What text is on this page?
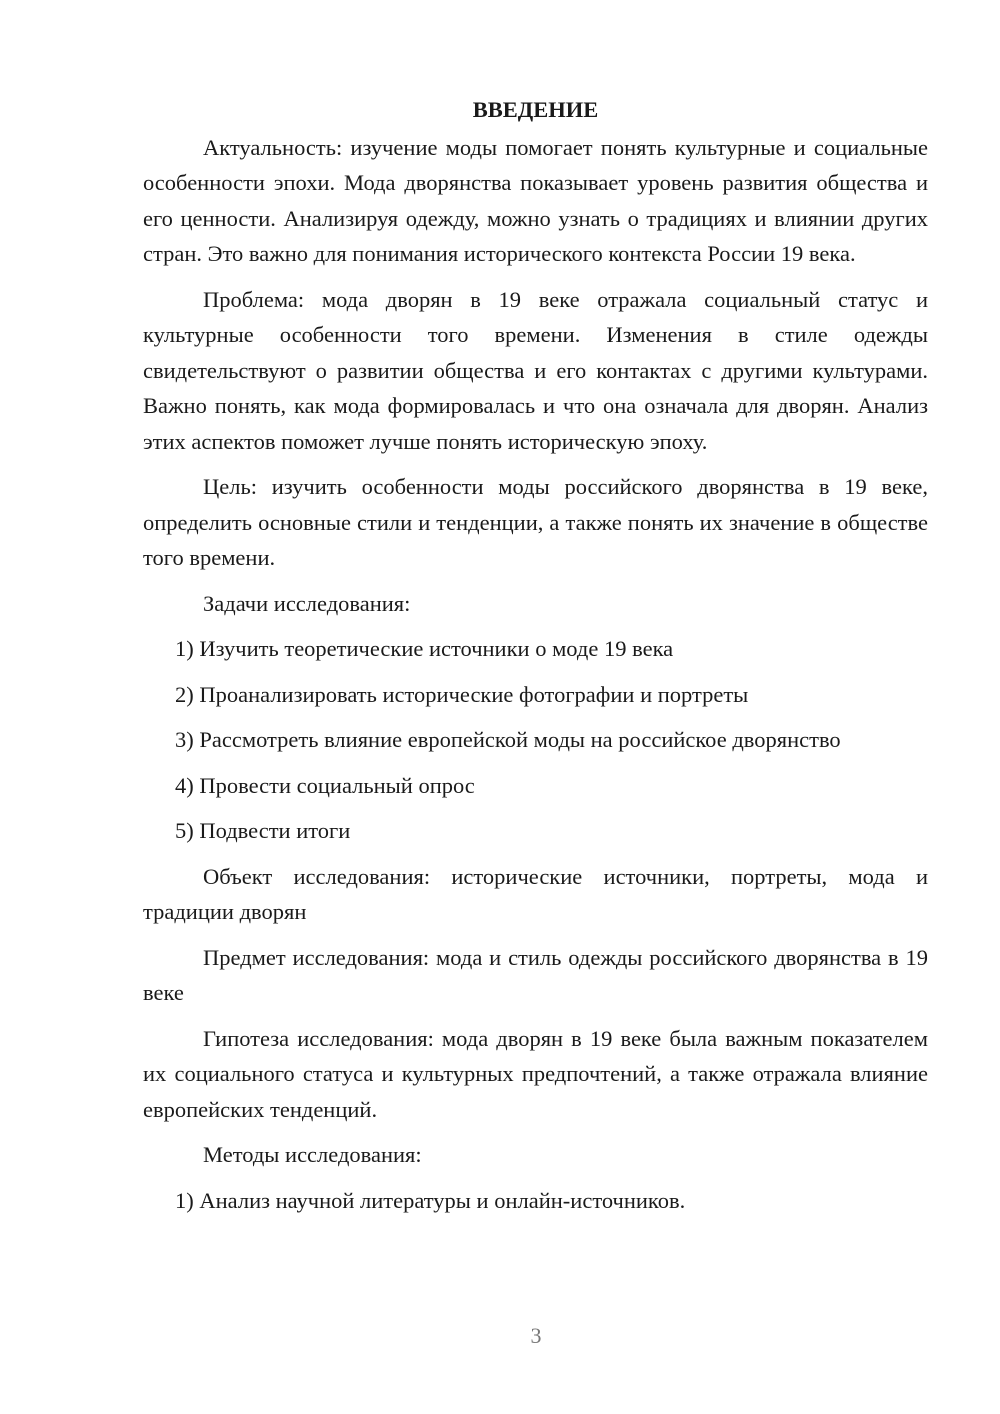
ВВЕДЕНИЕ

Актуальность: изучение моды помогает понять культурные и социальные особенности эпохи. Мода дворянства показывает уровень развития общества и его ценности. Анализируя одежду, можно узнать о традициях и влиянии других стран. Это важно для понимания исторического контекста России 19 века.

Проблема: мода дворян в 19 веке отражала социальный статус и культурные особенности того времени. Изменения в стиле одежды свидетельствуют о развитии общества и его контактах с другими культурами. Важно понять, как мода формировалась и что она означала для дворян. Анализ этих аспектов поможет лучше понять историческую эпоху.

Цель: изучить особенности моды российского дворянства в 19 веке, определить основные стили и тенденции, а также понять их значение в обществе того времени.

Задачи исследования:

1) Изучить теоретические источники о моде 19 века

2) Проанализировать исторические фотографии и портреты

3) Рассмотреть влияние европейской моды на российское дворянство

4) Провести социальный опрос

5) Подвести итоги

Объект исследования: исторические источники, портреты, мода и традиции дворян

Предмет исследования: мода и стиль одежды российского дворянства в 19 веке

Гипотеза исследования: мода дворян в 19 веке была важным показателем их социального статуса и культурных предпочтений, а также отражала влияние европейских тенденций.

Методы исследования:

1) Анализ научной литературы и онлайн-источников.

3
